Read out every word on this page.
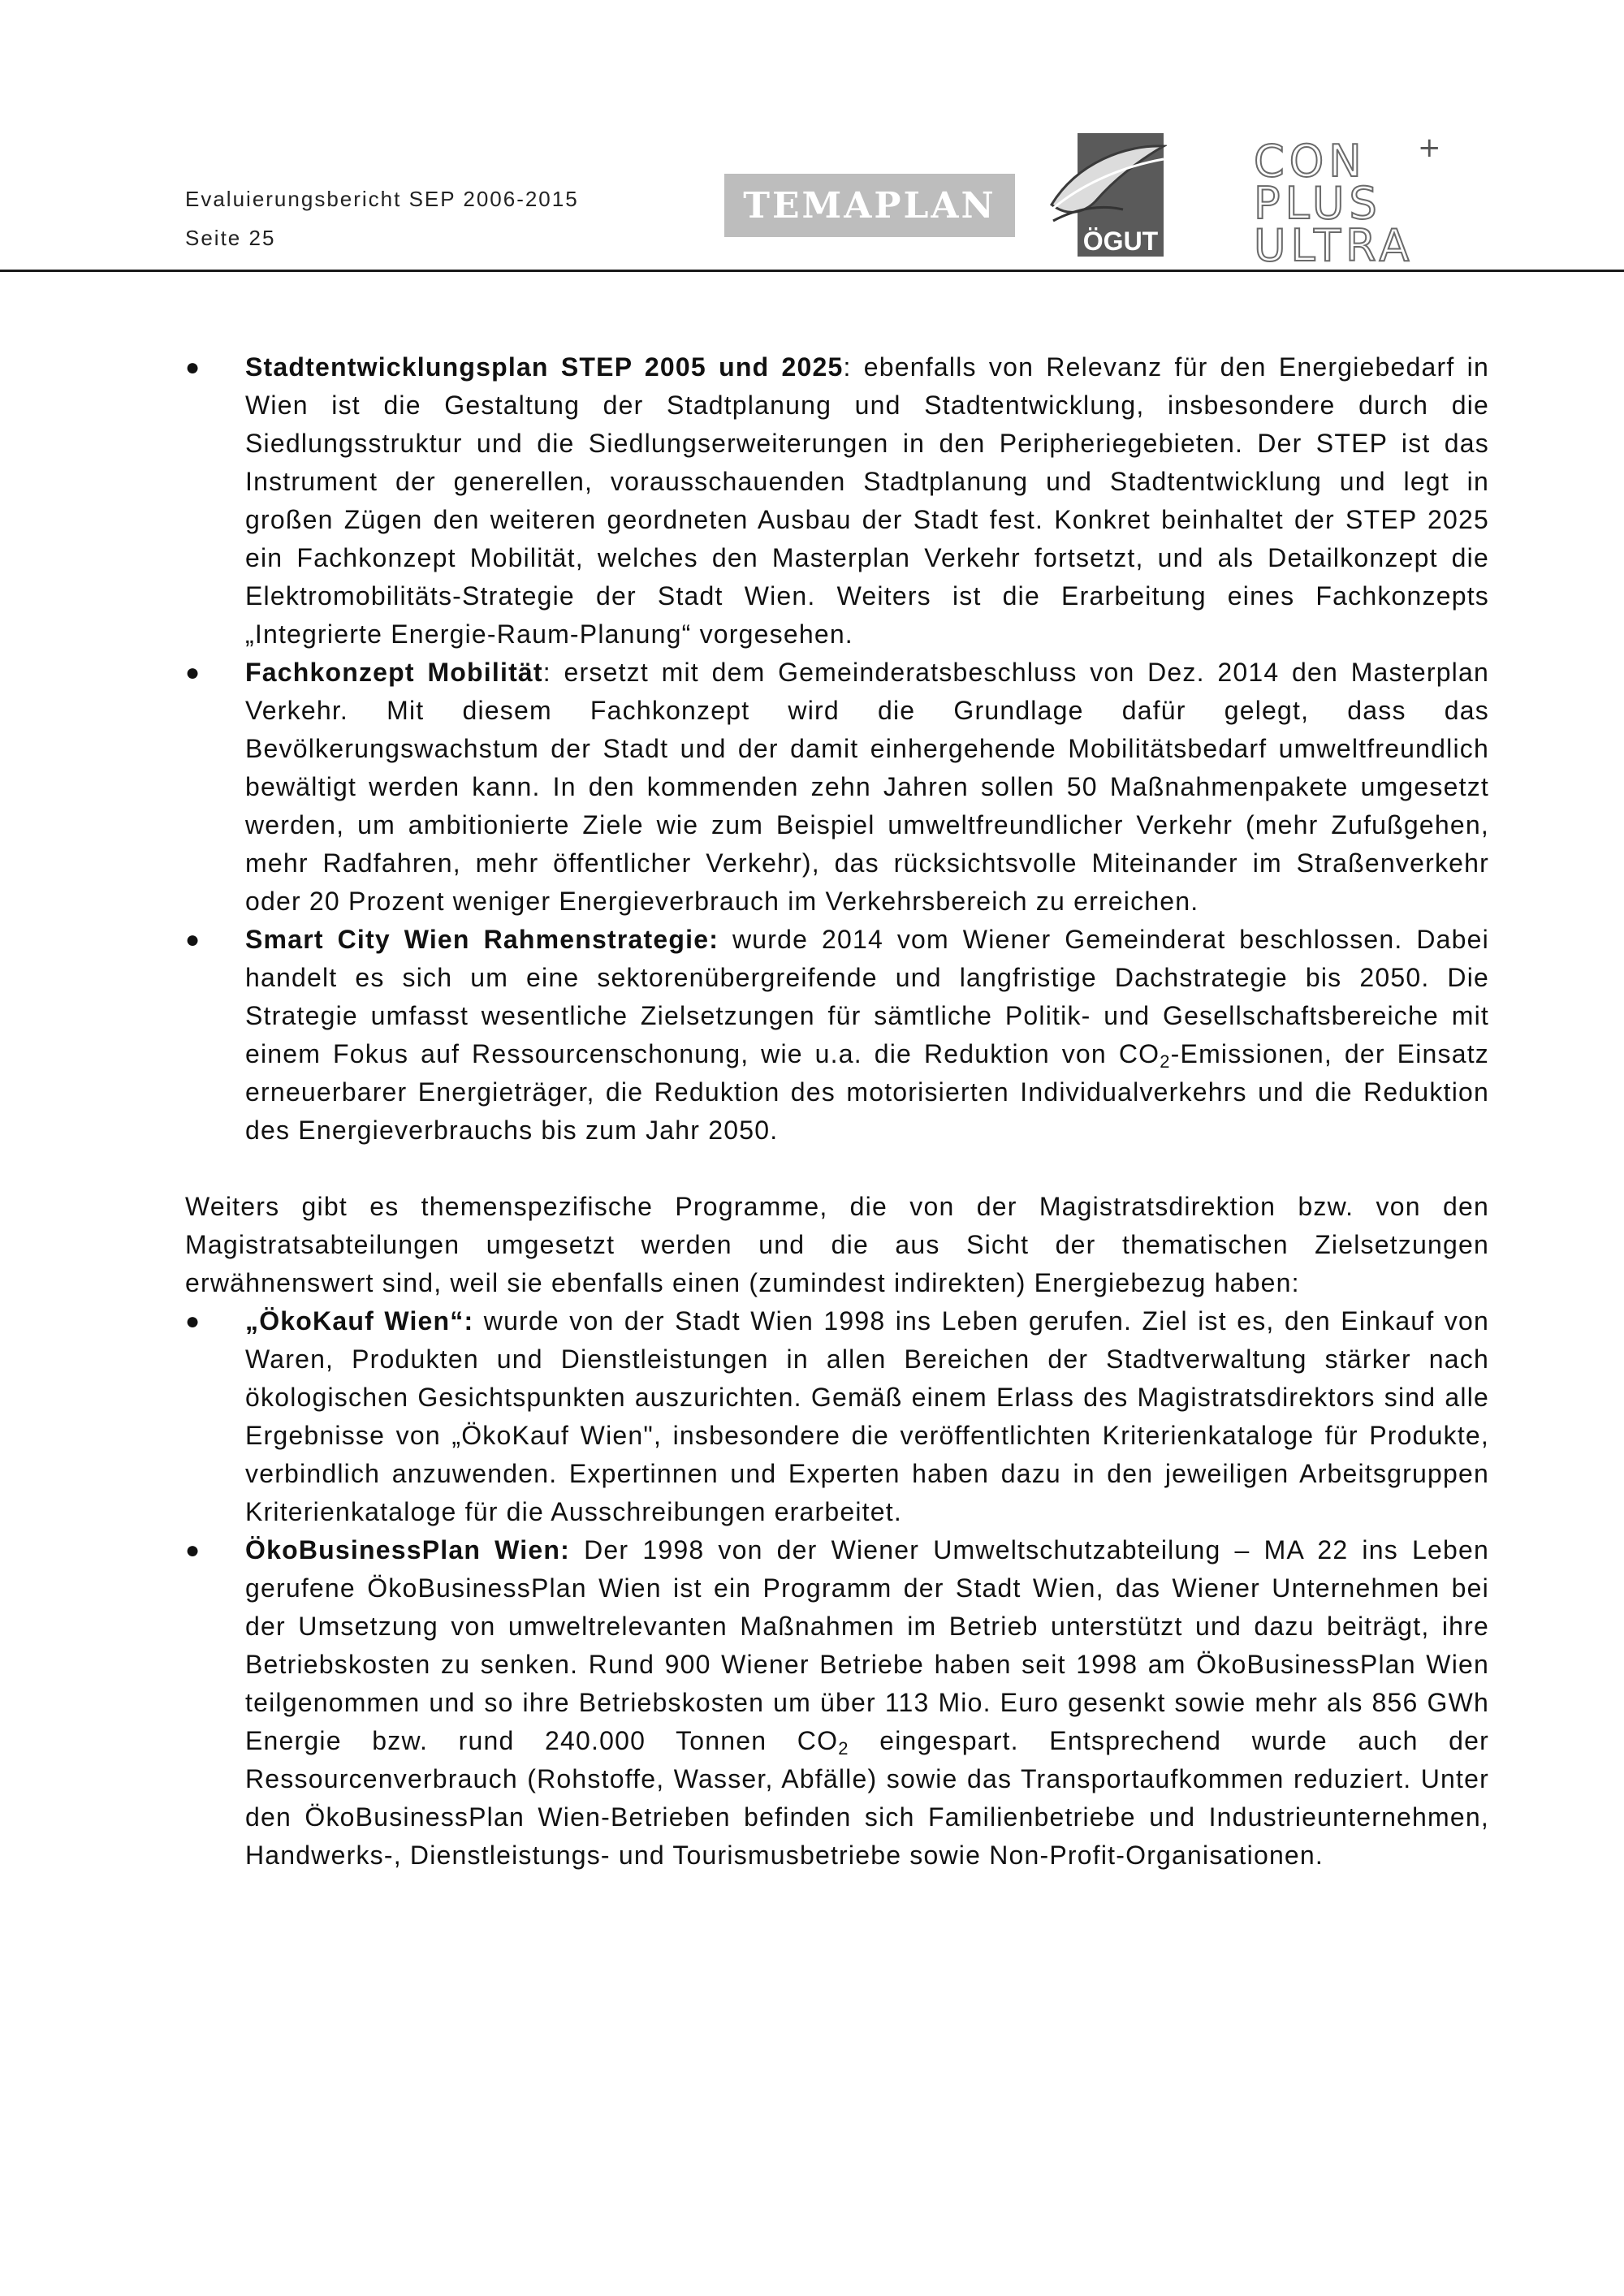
Evaluierungsbericht SEP 2006-2015
Seite 25
TEMAPLAN
ÖGUT
CON
PLUS
ULTRA
+
● Stadtentwicklungsplan STEP 2005 und 2025: ebenfalls von Relevanz für den Energiebedarf in Wien ist die Gestaltung der Stadtplanung und Stadtentwicklung, insbesondere durch die Siedlungsstruktur und die Siedlungserweiterungen in den Peripheriegebieten. Der STEP ist das Instrument der generellen, vorausschauenden Stadtplanung und Stadtentwicklung und legt in großen Zügen den weiteren geordneten Ausbau der Stadt fest. Konkret beinhaltet der STEP 2025 ein Fachkonzept Mobilität, welches den Masterplan Verkehr fortsetzt, und als Detailkonzept die Elektromobilitäts-Strategie der Stadt Wien. Weiters ist die Erarbeitung eines Fachkonzepts „Integrierte Energie-Raum-Planung“ vorgesehen.
● Fachkonzept Mobilität: ersetzt mit dem Gemeinderatsbeschluss von Dez. 2014 den Masterplan Verkehr. Mit diesem Fachkonzept wird die Grundlage dafür gelegt, dass das Bevölkerungswachstum der Stadt und der damit einhergehende Mobilitätsbedarf umweltfreundlich bewältigt werden kann. In den kommenden zehn Jahren sollen 50 Maßnahmenpakete umgesetzt werden, um ambitionierte Ziele wie zum Beispiel umweltfreundlicher Verkehr (mehr Zufußgehen, mehr Radfahren, mehr öffentlicher Verkehr), das rücksichtsvolle Miteinander im Straßenverkehr oder 20 Prozent weniger Energieverbrauch im Verkehrsbereich zu erreichen.
● Smart City Wien Rahmenstrategie: wurde 2014 vom Wiener Gemeinderat beschlossen. Dabei handelt es sich um eine sektorenübergreifende und langfristige Dachstrategie bis 2050. Die Strategie umfasst wesentliche Zielsetzungen für sämtliche Politik- und Gesellschaftsbereiche mit einem Fokus auf Ressourcenschonung, wie u.a. die Reduktion von $CO_2$-Emissionen, der Einsatz erneuerbarer Energieträger, die Reduktion des motorisierten Individualverkehrs und die Reduktion des Energieverbrauchs bis zum Jahr 2050.

Weiters gibt es themenspezifische Programme, die von der Magistratsdirektion bzw. von den Magistratsabteilungen umgesetzt werden und die aus Sicht der thematischen Zielsetzungen erwähnenswert sind, weil sie ebenfalls einen (zumindest indirekten) Energiebezug haben:

● „ÖkoKauf Wien“: wurde von der Stadt Wien 1998 ins Leben gerufen. Ziel ist es, den Einkauf von Waren, Produkten und Dienstleistungen in allen Bereichen der Stadtverwaltung stärker nach ökologischen Gesichtspunkten auszurichten. Gemäß einem Erlass des Magistratsdirektors sind alle Ergebnisse von „ÖkoKauf Wien", insbesondere die veröffentlichten Kriterienkataloge für Produkte, verbindlich anzuwenden. Expertinnen und Experten haben dazu in den jeweiligen Arbeitsgruppen Kriterienkataloge für die Ausschreibungen erarbeitet.
● ÖkoBusinessPlan Wien: Der 1998 von der Wiener Umweltschutzabteilung – MA 22 ins Leben gerufene ÖkoBusinessPlan Wien ist ein Programm der Stadt Wien, das Wiener Unternehmen bei der Umsetzung von umweltrelevanten Maßnahmen im Betrieb unterstützt und dazu beiträgt, ihre Betriebskosten zu senken. Rund 900 Wiener Betriebe haben seit 1998 am ÖkoBusinessPlan Wien teilgenommen und so ihre Betriebskosten um über 113 Mio. Euro gesenkt sowie mehr als 856 GWh Energie bzw. rund 240.000 Tonnen $CO_2$ eingespart. Entsprechend wurde auch der Ressourcenverbrauch (Rohstoffe, Wasser, Abfälle) sowie das Transportaufkommen reduziert. Unter den ÖkoBusinessPlan Wien-Betrieben befinden sich Familienbetriebe und Industrieunternehmen, Handwerks-, Dienstleistungs- und Tourismusbetriebe sowie Non-Profit-Organisationen.
